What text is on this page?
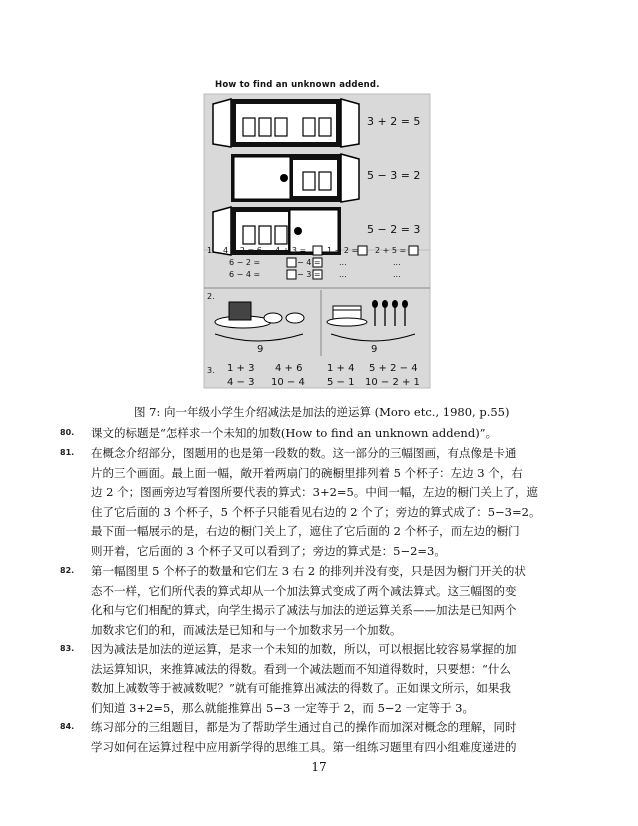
How to find an unknown addend.
3 + 2 = 5
5 − 3 = 2
5 − 2 = 3
1. 4 + 2 = 6
6 − 2 =
6 − 4 =
4 + 3 =
− 4 =
− 3 =
1 + 2 =
...
...
2 + 5 =
...
...
2.
9	9
3. 1 + 3 4 + 6 1 + 4 5 + 2 − 4
4 − 3 10 − 4 5 − 1 10 − 2 + 1
图 7: 向一年级小学生介绍减法是加法的逆运算 (Moro etc., 1980, p.55)
80. 课文的标题是“怎样求一个未知的加数(How to find an unknown addend)”。
81. 在概念介绍部分，图题用的也是第一段数的数。这一部分的三幅图画，有点像是卡通
片的三个画面。最上面一幅，敞开着两扇门的碗橱里排列着 5 个杯子：左边 3 个，右
边 2 个；图画旁边写着图所要代表的算式：3+2=5。中间一幅，左边的橱门关上了，遮
住了它后面的 3 个杯子，5 个杯子只能看见右边的 2 个了；旁边的算式成了：5−3=2。
最下面一幅展示的是，右边的橱门关上了，遮住了它后面的 2 个杯子，而左边的橱门
则开着，它后面的 3 个杯子又可以看到了；旁边的算式是：5−2=3。
82. 第一幅图里 5 个杯子的数量和它们左 3 右 2 的排列并没有变，只是因为橱门开关的状
态不一样，它们所代表的算式却从一个加法算式变成了两个减法算式。这三幅图的变
化和与它们相配的算式，向学生揭示了减法与加法的逆运算关系——加法是已知两个
加数求它们的和，而减法是已知和与一个加数求另一个加数。
83. 因为减法是加法的逆运算，是求一个未知的加数，所以，可以根据比较容易掌握的加
法运算知识，来推算减法的得数。看到一个减法题而不知道得数时，只要想：“什么
数加上减数等于被减数呢？”就有可能推算出减法的得数了。正如课文所示，如果我
们知道 3+2=5，那么就能推算出 5−3 一定等于 2，而 5−2 一定等于 3。
84. 练习部分的三组题目，都是为了帮助学生通过自己的操作而加深对概念的理解，同时
学习如何在运算过程中应用新学得的思维工具。第一组练习题里有四小组难度递进的
17
